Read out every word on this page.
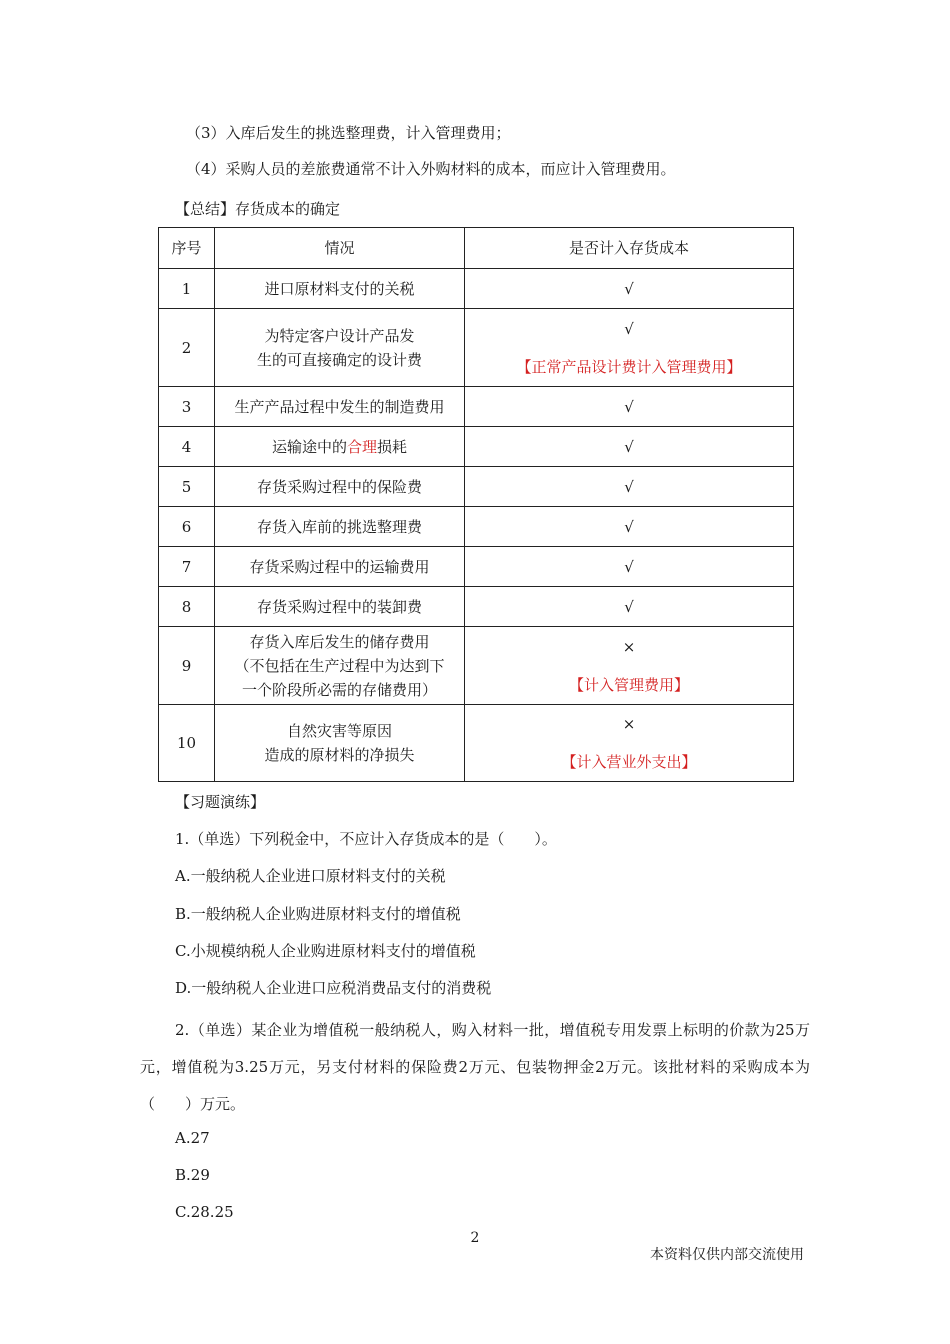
（3）入库后发生的挑选整理费，计入管理费用；
（4）采购人员的差旅费通常不计入外购材料的成本，而应计入管理费用。
【总结】存货成本的确定
序号	情况	是否计入存货成本
1	进口原材料支付的关税	√
2	为特定客户设计产品发
生的可直接确定的设计费	√
【正常产品设计费计入管理费用】

3	生产产品过程中发生的制造费用	√
4	运输途中的合理损耗	√
5	存货采购过程中的保险费	√
6	存货入库前的挑选整理费	√
7	存货采购过程中的运输费用	√
8	存货采购过程中的装卸费	√
9	存货入库后发生的储存费用
（不包括在生产过程中为达到下
一个阶段所必需的存储费用）	×
【计入管理费用】

10	自然灾害等原因
造成的原材料的净损失	×
【计入营业外支出】
【习题演练】
1.（单选）下列税金中，不应计入存货成本的是（　　）。
A.一般纳税人企业进口原材料支付的关税
B.一般纳税人企业购进原材料支付的增值税
C.小规模纳税人企业购进原材料支付的增值税
D.一般纳税人企业进口应税消费品支付的消费税
2.（单选）某企业为增值税一般纳税人，购入材料一批，增值税专用发票上标明的价款为25万元，增值税为3.25万元，另支付材料的保险费2万元、包装物押金2万元。该批材料的采购成本为（　　）万元。
A.27
B.29
C.28.25
2
本资料仅供内部交流使用
